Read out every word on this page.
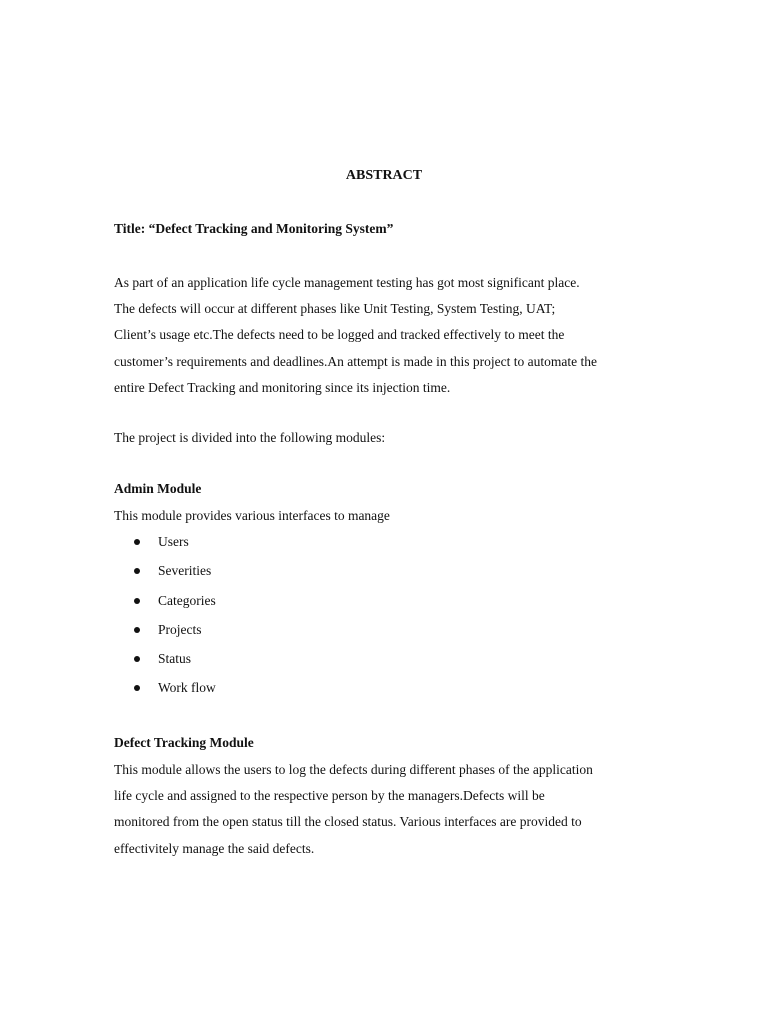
ABSTRACT
Title: “Defect Tracking and Monitoring System”
As part of an application life cycle management testing has got most significant place.
The defects will occur at different phases like Unit Testing, System Testing, UAT;
Client’s usage etc.The defects need to be logged and tracked effectively to meet the
customer’s requirements and deadlines.An attempt is made in this project to automate the
entire Defect Tracking and monitoring since its injection time.
The project is divided into the following modules:
Admin Module
This module provides various interfaces to manage
Users
Severities
Categories
Projects
Status
Work flow
Defect Tracking Module
This module allows the users to log the defects during different phases of the application
life cycle and assigned to the respective person by the managers.Defects will be
monitored from the open status till the closed status. Various interfaces are provided to
effectivitely manage the said defects.
